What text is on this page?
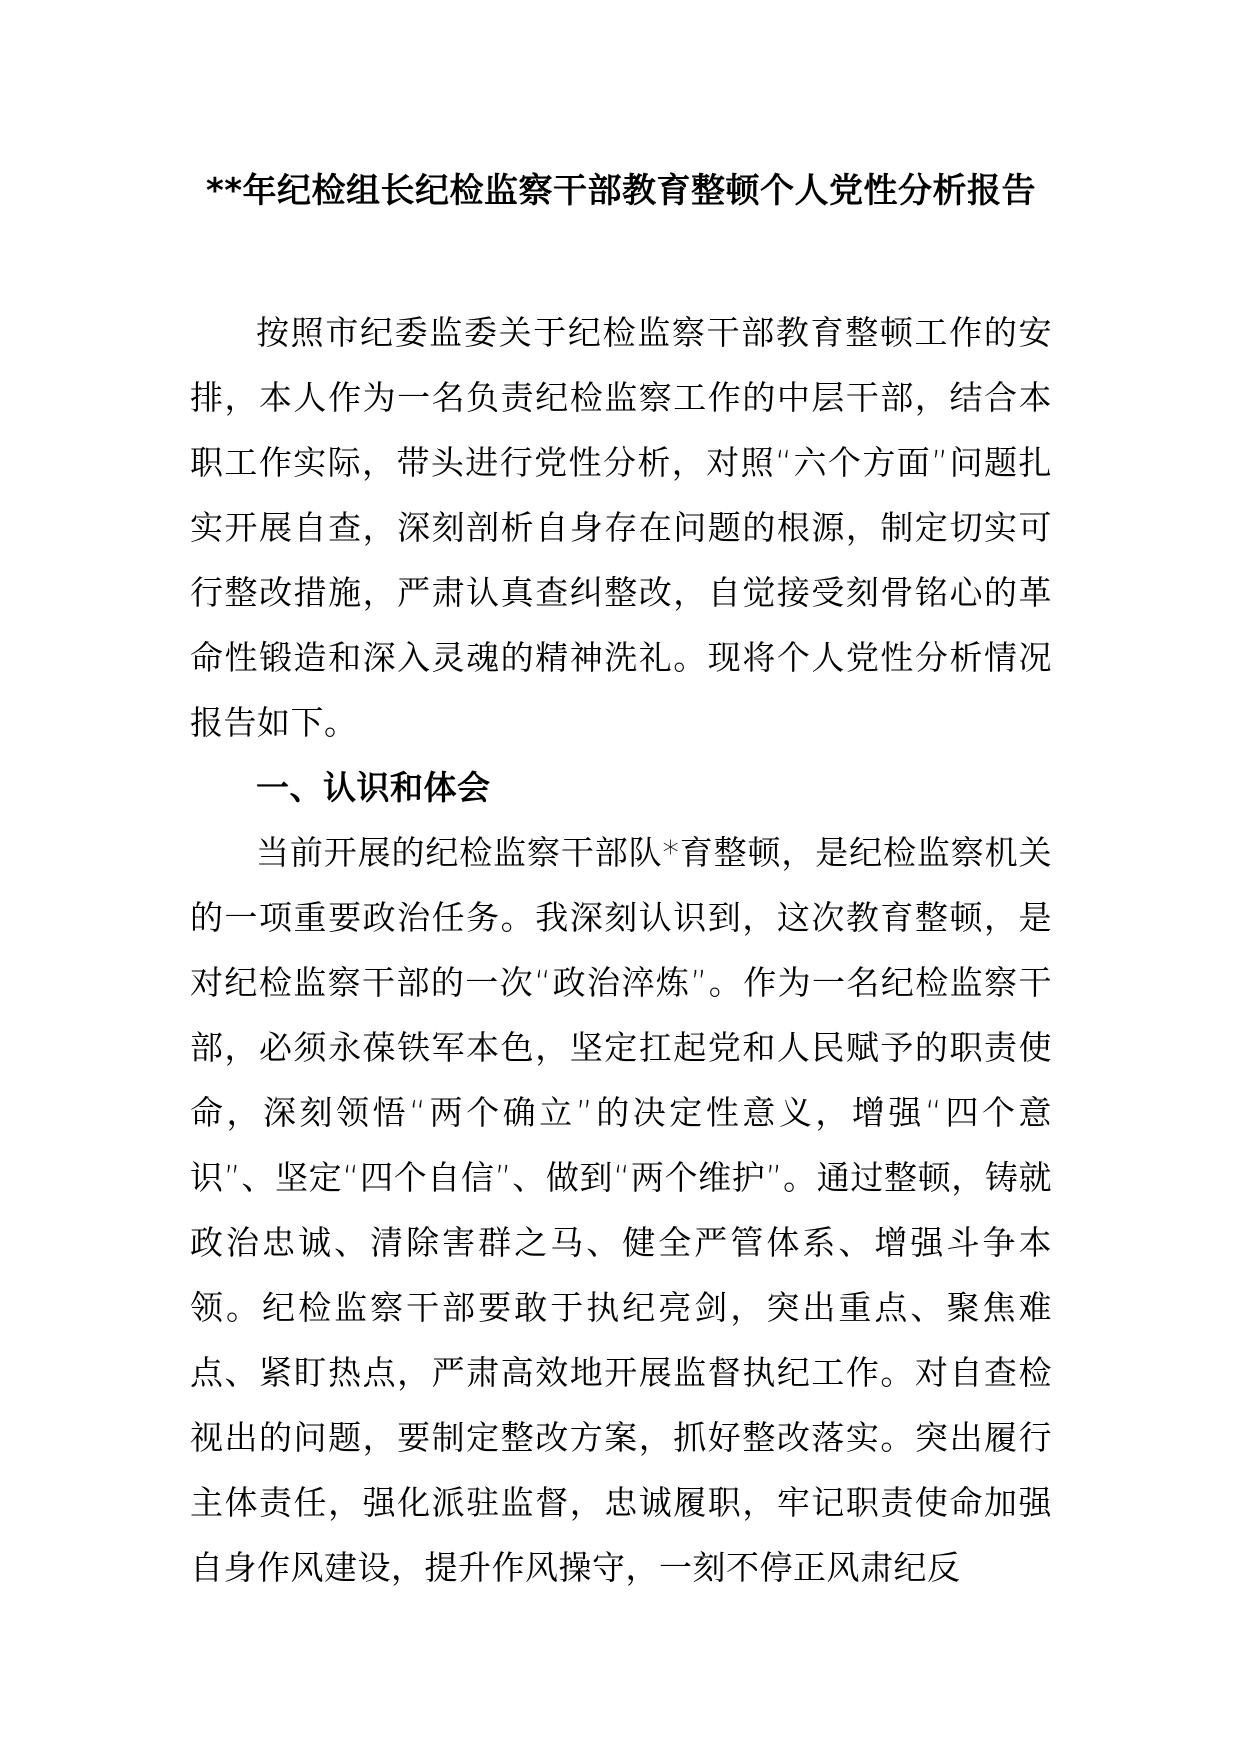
**年纪检组长纪检监察干部教育整顿个人党性分析报告

按照市纪委监委关于纪检监察干部教育整顿工作的安排，本人作为一名负责纪检监察工作的中层干部，结合本职工作实际，带头进行党性分析，对照“六个方面”问题扎实开展自查，深刻剖析自身存在问题的根源，制定切实可行整改措施，严肃认真查纠整改，自觉接受刻骨铭心的革命性锻造和深入灵魂的精神洗礼。现将个人党性分析情况报告如下。

一、认识和体会

当前开展的纪检监察干部队*育整顿，是纪检监察机关的一项重要政治任务。我深刻认识到，这次教育整顿，是对纪检监察干部的一次“政治淬炼”。作为一名纪检监察干部，必须永葆铁军本色，坚定扛起党和人民赋予的职责使命，深刻领悟“两个确立”的决定性意义，增强“四个意识”、坚定“四个自信”、做到“两个维护”。通过整顿，铸就政治忠诚、清除害群之马、健全严管体系、增强斗争本领。纪检监察干部要敢于执纪亮剑，突出重点、聚焦难点、紧盯热点，严肃高效地开展监督执纪工作。对自查检视出的问题，要制定整改方案，抓好整改落实。突出履行主体责任，强化派驻监督，忠诚履职，牢记职责使命加强自身作风建设，提升作风操守，一刻不停正风肃纪反
